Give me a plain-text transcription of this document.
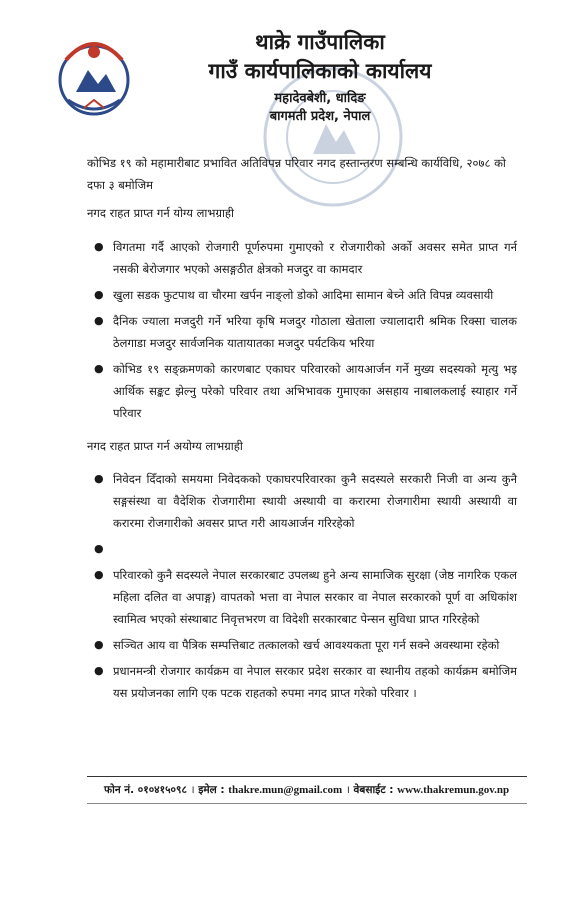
थाक्रे गाउँपालिका
गाउँ कार्यपालिकाको कार्यालय
महादेवबेशी, धादिङ
बागमती प्रदेश, नेपाल
कोभिड १९ को महामारीबाट प्रभावित अतिविपन्न परिवार नगद हस्तान्तरण सम्बन्धि कार्यविधि, २०७८ को दफा ३ बमोजिम
नगद राहत प्राप्त गर्न योग्य लाभग्राही
● विगतमा गर्दै आएको रोजगारी पूर्णरुपमा गुमाएको र रोजगारीको अर्को अवसर समेत प्राप्त गर्न नसकी बेरोजगार भएको असङ्गठीत क्षेत्रको मजदुर वा कामदार
● खुला सडक फुटपाथ वा चौरमा खर्पन नाङ्लो डोको आदिमा सामान बेच्ने अति विपन्न व्यवसायी
● दैनिक ज्याला मजदुरी गर्ने भरिया कृषि मजदुर गोठाला खेताला ज्यालादारी श्रमिक रिक्सा चालक ठेलगाडा मजदुर सार्वजनिक यातायातका मजदुर पर्यटकिय भरिया
● कोभिड १९ सङ्क्रमणको कारणबाट एकाघर परिवारको आयआर्जन गर्ने मुख्य सदस्यको मृत्यु भइ आर्थिक सङ्कट झेल्नु परेको परिवार तथा अभिभावक गुमाएका असहाय नाबालकलाई स्याहार गर्ने परिवार
नगद राहत प्राप्त गर्न अयोग्य लाभग्राही
● निवेदन दिँदाको समयमा निवेदकको एकाघरपरिवारका कुनै सदस्यले सरकारी निजी वा अन्य कुनै सङ्गसंस्था वा वैदेशिक रोजगारीमा स्थायी अस्थायी वा करारमा रोजगारीमा स्थायी अस्थायी वा करारमा रोजगारीको अवसर प्राप्त गरी आयआर्जन गरिरहेको
●
● परिवारको कुनै सदस्यले नेपाल सरकारबाट उपलब्ध हुने अन्य सामाजिक सुरक्षा (जेष्ठ नागरिक एकल महिला दलित वा अपाङ्ग) वापतको भत्ता वा नेपाल सरकार वा नेपाल सरकारको पूर्ण वा अधिकांश स्वामित्व भएको संस्थाबाट निवृत्तभरण वा विदेशी सरकारबाट पेन्सन सुविधा प्राप्त गरिरहेको
● सञ्चित आय वा पैत्रिक सम्पत्तिबाट तत्कालको खर्च आवश्यकता पूरा गर्न सक्ने अवस्थामा रहेको
● प्रधानमन्त्री रोजगार कार्यक्रम वा नेपाल सरकार प्रदेश सरकार वा स्थानीय तहको कार्यक्रम बमोजिम यस प्रयोजनका लागि एक पटक राहतको रुपमा नगद प्राप्त गरेको परिवार ।
फोन नं. ०१०४१५०९८ । इमेल : thakre.mun@gmail.com । वेबसाईट : www.thakremun.gov.np
